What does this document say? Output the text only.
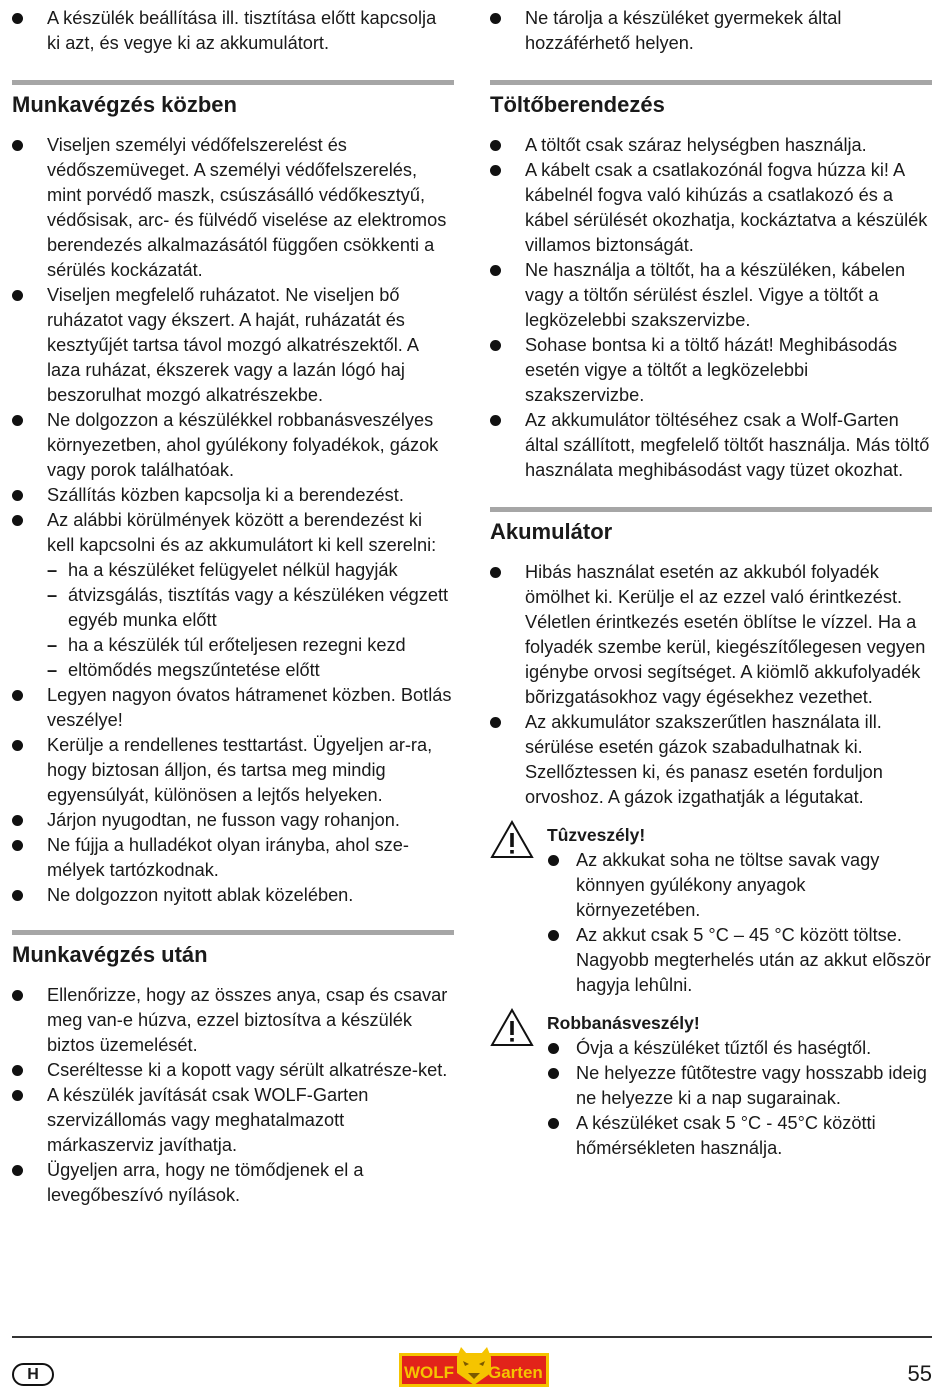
A készülék beállítása ill. tisztítása előtt kapcsolja ki azt, és vegye ki az akkumulátort.
Munkavégzés közben
Viseljen személyi védőfelszerelést és védőszemüveget. A személyi védőfelszerelés, mint porvédő maszk, csúszásálló védőkesztyű, védősisak, arc- és fülvédő viselése az elektromos berendezés alkalmazásától függően csökkenti a sérülés kockázatát.
Viseljen megfelelő ruházatot. Ne viseljen bő ruházatot vagy ékszert. A haját, ruházatát és kesztyűjét tartsa távol mozgó alkatrészektől. A laza ruházat, ékszerek vagy a lazán lógó haj beszorulhat mozgó alkatrészekbe.
Ne dolgozzon a készülékkel robbanásveszélyes környezetben, ahol gyúlékony folyadékok, gázok vagy porok találhatóak.
Szállítás közben kapcsolja ki a berendezést.
Az alábbi körülmények között a berendezést ki kell kapcsolni és az akkumulátort ki kell szerelni:
– ha a készüléket felügyelet nélkül hagyják
– átvizsgálás, tisztítás vagy a készüléken végzett egyéb munka előtt
– ha a készülék túl erőteljesen rezegni kezd
– eltömődés megszűntetése előtt
Legyen nagyon óvatos hátramenet közben. Botlás veszélye!
Kerülje a rendellenes testtartást. Ügyeljen ar-ra, hogy biztosan álljon, és tartsa meg mindig egyensúlyát, különösen a lejtős helyeken.
Járjon nyugodtan, ne fusson vagy rohanjon.
Ne fújja a hulladékot olyan irányba, ahol sze-mélyek tartózkodnak.
Ne dolgozzon nyitott ablak közelében.
Munkavégzés után
Ellenőrizze, hogy az összes anya, csap és csavar meg van-e húzva, ezzel biztosítva a készülék biztos üzemelését.
Cseréltesse ki a kopott vagy sérült alkatrésze-ket.
A készülék javítását csak WOLF-Garten szervizállomás vagy meghatalmazott márkaszerviz javíthatja.
Ügyeljen arra, hogy ne tömődjenek el a levegőbeszívó nyílások.
Ne tárolja a készüléket gyermekek által hozzáférhető helyen.
Töltőberendezés
A töltőt csak száraz helységben használja.
A kábelt csak a csatlakozónál fogva húzza ki! A kábelnél fogva való kihúzás a csatlakozó és a kábel sérülését okozhatja, kockáztatva a készülék villamos biztonságát.
Ne használja a töltőt, ha a készüléken, kábelen vagy a töltőn sérülést észlel. Vigye a töltőt a legközelebbi szakszervizbe.
Sohase bontsa ki a töltő házát! Meghibásodás esetén vigye a töltőt a legközelebbi szakszervizbe.
Az akkumulátor töltéséhez csak a Wolf-Garten által szállított, megfelelő töltőt használja. Más töltő használata meghibásodást vagy tüzet okozhat.
Akumulátor
Hibás használat esetén az akkuból folyadék ömölhet ki. Kerülje el az ezzel való érintkezést. Véletlen érintkezés esetén öblítse le vízzel. Ha a folyadék szembe kerül, kiegészítőlegesen vegyen igénybe orvosi segítséget. A kiömlõ akkufolyadék bõrizgatásokhoz vagy égésekhez vezethet.
Az akkumulátor szakszerűtlen használata ill. sérülése esetén gázok szabadulhatnak ki. Szellőztessen ki, és panasz esetén forduljon orvoshoz. A gázok izgathatják a légutakat.

Tûzveszély!

Az akkukat soha ne töltse savak vagy könnyen gyúlékony anyagok környezetében.
Az akkut csak 5 °C – 45 °C között töltse. Nagyobb megterhelés után az akkut elõször hagyja lehûlni.

Robbanásveszély!

Óvja a készüléket tűztől és haségtől.
Ne helyezze fûtõtestre vagy hosszabb ideig ne helyezze ki a nap sugarainak.
A készüléket csak 5 °C - 45°C közötti hőmérsékleten használja.
H	WOLF Garten	55
